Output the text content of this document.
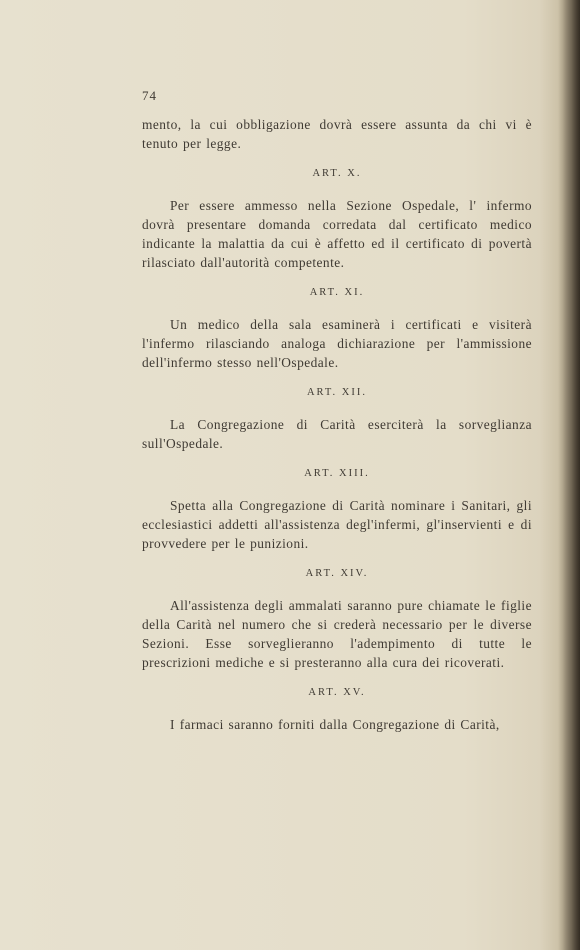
74

mento, la cui obbligazione dovrà essere assunta da chi vi è tenuto per legge.

ART. X.

Per essere ammesso nella Sezione Ospedale, l' infermo dovrà presentare domanda corredata dal certificato medico indicante la malattia da cui è affetto ed il certificato di povertà rilasciato dall'autorità competente.

ART. XI.

Un medico della sala esaminerà i certificati e visiterà l'infermo rilasciando analoga dichiarazione per l'ammissione dell'infermo stesso nell'Ospedale.

ART. XII.

La Congregazione di Carità eserciterà la sorveglianza sull'Ospedale.

ART. XIII.

Spetta alla Congregazione di Carità nominare i Sanitari, gli ecclesiastici addetti all'assistenza degl'infermi, gl'inservienti e di provvedere per le punizioni.

ART. XIV.

All'assistenza degli ammalati saranno pure chiamate le figlie della Carità nel numero che si crederà necessario per le diverse Sezioni. Esse sorveglieranno l'adempimento di tutte le prescrizioni mediche e si presteranno alla cura dei ricoverati.

ART. XV.

I farmaci saranno forniti dalla Congregazione di Carità,
